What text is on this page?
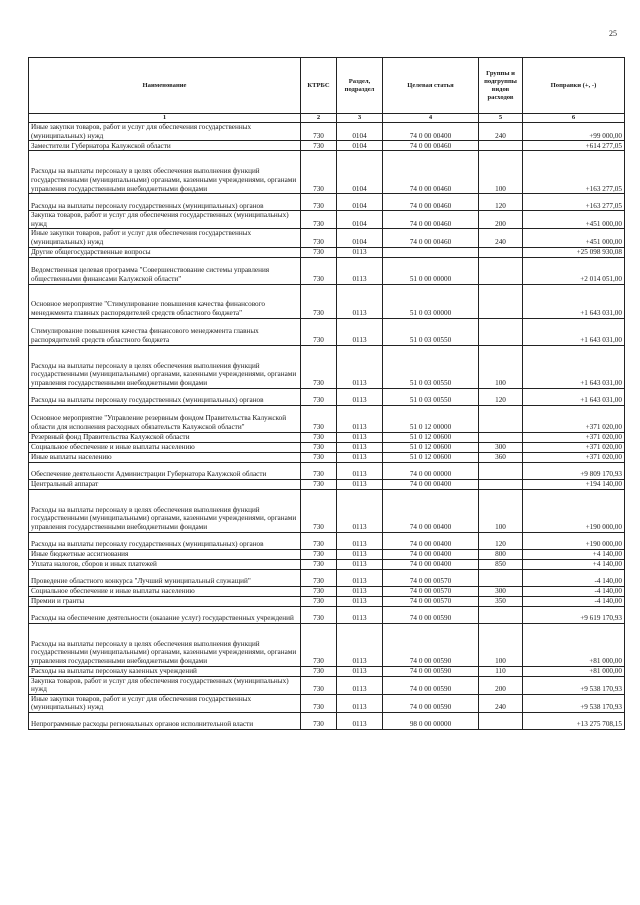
25
Наименование	КТРБС	Раздел, подраздел	Целевая статья	Группы и подгруппы видов расходов	Поправки (+, -)
1	2	3	4	5	6
Иные закупки товаров, работ и услуг для обеспечения государственных (муниципальных) нужд	730	0104	74 0 00 00400	240	+99 000,00
Заместители Губернатора Калужской области	730	0104	74 0 00 00460		+614 277,05
Расходы на выплаты персоналу в целях обеспечения выполнения функций государственными (муниципальными) органами, казенными учреждениями, органами управления государственными внебюджетными фондами	730	0104	74 0 00 00460	100	+163 277,05
Расходы на выплаты персоналу государственных (муниципальных) органов	730	0104	74 0 00 00460	120	+163 277,05
Закупка товаров, работ и услуг для обеспечения государственных (муниципальных) нужд	730	0104	74 0 00 00460	200	+451 000,00
Иные закупки товаров, работ и услуг для обеспечения государственных (муниципальных) нужд	730	0104	74 0 00 00460	240	+451 000,00
Другие общегосударственные вопросы	730	0113			+25 098 930,08
Ведомственная целевая программа "Совершенствование системы управления общественными финансами Калужской области"	730	0113	51 0 00 00000		+2 014 051,00
Основное мероприятие "Стимулирование повышения качества финансового менеджмента главных распорядителей средств областного бюджета"	730	0113	51 0 03 00000		+1 643 031,00
Стимулирование повышения качества финансового менеджмента главных распорядителей средств областного бюджета	730	0113	51 0 03 00550		+1 643 031,00
Расходы на выплаты персоналу в целях обеспечения выполнения функций государственными (муниципальными) органами, казенными учреждениями, органами управления государственными внебюджетными фондами	730	0113	51 0 03 00550	100	+1 643 031,00
Расходы на выплаты персоналу государственных (муниципальных) органов	730	0113	51 0 03 00550	120	+1 643 031,00
Основное мероприятие "Управление резервным фондом Правительства Калужской области для исполнения расходных обязательств Калужской области"	730	0113	51 0 12 00000		+371 020,00
Резервный фонд Правительства Калужской области	730	0113	51 0 12 00600		+371 020,00
Социальное обеспечение и иные выплаты населению	730	0113	51 0 12 00600	300	+371 020,00
Иные выплаты населению	730	0113	51 0 12 00600	360	+371 020,00
Обеспечение деятельности Администрации Губернатора Калужской области	730	0113	74 0 00 00000		+9 809 170,93
Центральный аппарат	730	0113	74 0 00 00400		+194 140,00
Расходы на выплаты персоналу в целях обеспечения выполнения функций государственными (муниципальными) органами, казенными учреждениями, органами управления государственными внебюджетными фондами	730	0113	74 0 00 00400	100	+190 000,00
Расходы на выплаты персоналу государственных (муниципальных) органов	730	0113	74 0 00 00400	120	+190 000,00
Иные бюджетные ассигнования	730	0113	74 0 00 00400	800	+4 140,00
Уплата налогов, сборов и иных платежей	730	0113	74 0 00 00400	850	+4 140,00
Проведение областного конкурса "Лучший муниципальный служащий"	730	0113	74 0 00 00570		-4 140,00
Социальное обеспечение и иные выплаты населению	730	0113	74 0 00 00570	300	-4 140,00
Премии и гранты	730	0113	74 0 00 00570	350	-4 140,00
Расходы на обеспечение деятельности (оказание услуг) государственных учреждений	730	0113	74 0 00 00590		+9 619 170,93
Расходы на выплаты персоналу в целях обеспечения выполнения функций государственными (муниципальными) органами, казенными учреждениями, органами управления государственными внебюджетными фондами	730	0113	74 0 00 00590	100	+81 000,00
Расходы на выплаты персоналу казенных учреждений	730	0113	74 0 00 00590	110	+81 000,00
Закупка товаров, работ и услуг для обеспечения государственных (муниципальных) нужд	730	0113	74 0 00 00590	200	+9 538 170,93
Иные закупки товаров, работ и услуг для обеспечения государственных (муниципальных) нужд	730	0113	74 0 00 00590	240	+9 538 170,93
Непрограммные расходы региональных органов исполнительной власти	730	0113	98 0 00 00000		+13 275 708,15
